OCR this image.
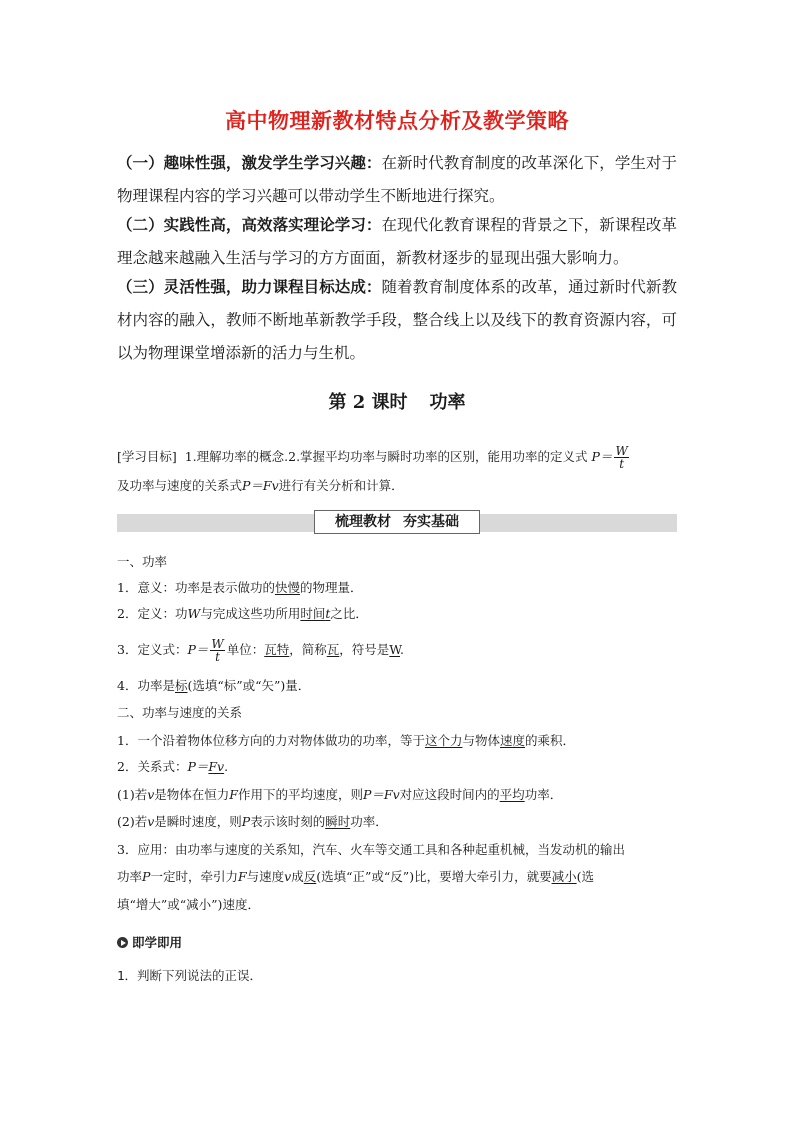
高中物理新教材特点分析及教学策略
（一）趣味性强，激发学生学习兴趣：在新时代教育制度的改革深化下，学生对于物理课程内容的学习兴趣可以带动学生不断地进行探究。
（二）实践性高，高效落实理论学习：在现代化教育课程的背景之下，新课程改革理念越来越融入生活与学习的方方面面，新教材逐步的显现出强大影响力。
（三）灵活性强，助力课程目标达成：随着教育制度体系的改革，通过新时代新教材内容的融入，教师不断地革新教学手段，整合线上以及线下的教育资源内容，可以为物理课堂增添新的活力与生机。
第 2 课时 功率
[学习目标] 1.理解功率的概念.2.掌握平均功率与瞬时功率的区别，能用功率的定义式 $P= \frac{W}{t}$
及功率与速度的关系式P＝Fv进行有关分析和计算．
梳理教材 夯实基础
一、功率
1．意义：功率是表示做功的快慢的物理量．
2．定义：功W与完成这些功所用时间t之比．
3．定义式：$P= \frac{W}{t}$ 单位：瓦特，简称瓦，符号是W.
4．功率是标(选填“标”或“矢”)量．
二、功率与速度的关系
1．一个沿着物体位移方向的力对物体做功的功率，等于这个力与物体速度的乘积．
2．关系式：P＝Fv.
(1)若v是物体在恒力F作用下的平均速度，则P＝Fv对应这段时间内的平均功率．
(2)若v是瞬时速度，则P表示该时刻的瞬时功率．
3．应用：由功率与速度的关系知，汽车、火车等交通工具和各种起重机械，当发动机的输出
功率P一定时，牵引力F与速度v成反(选填“正”或“反”)比，要增大牵引力，就要减小(选
填“增大”或“减小”)速度．
即学即用
1．判断下列说法的正误．
